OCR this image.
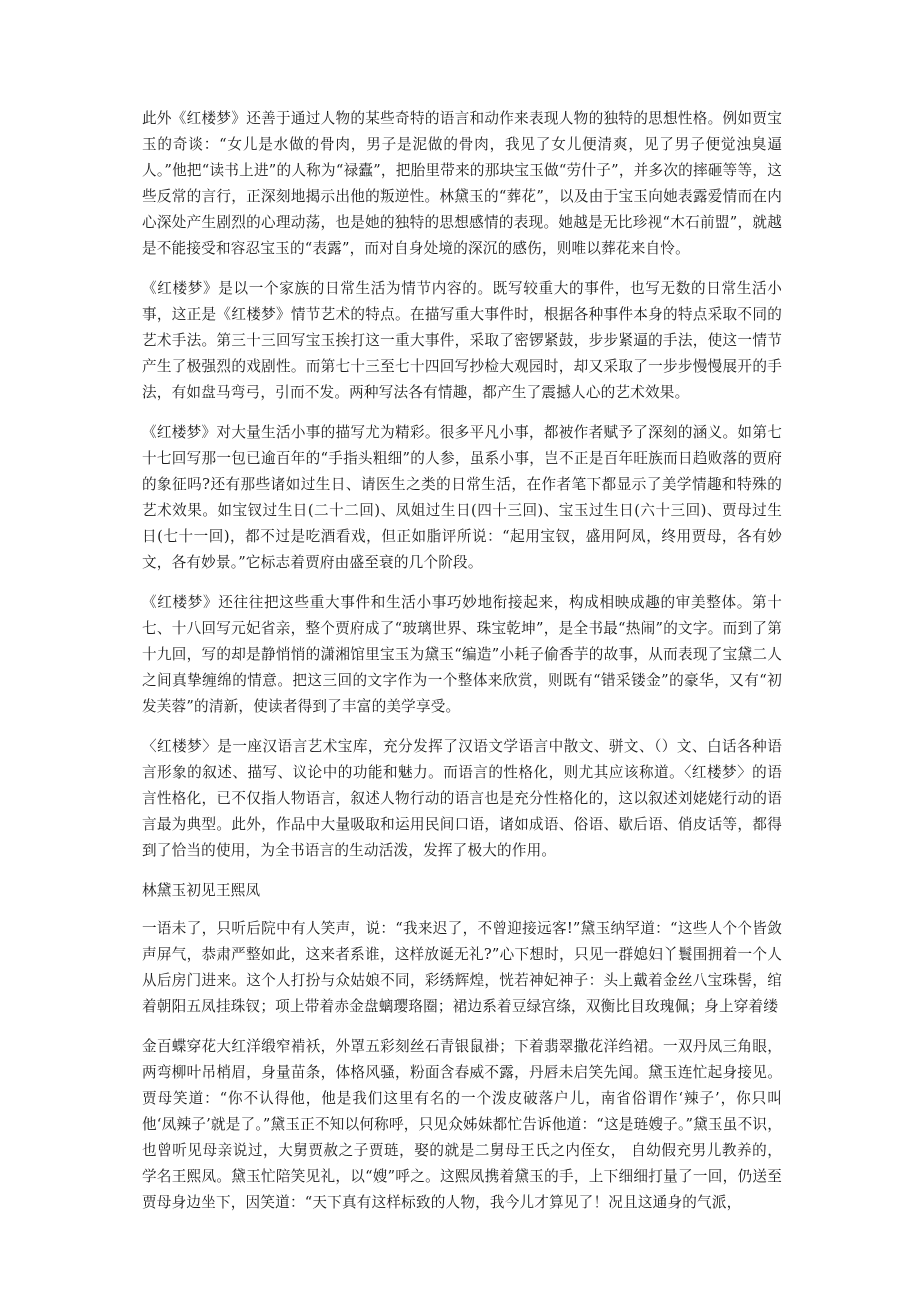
此外《红楼梦》还善于通过人物的某些奇特的语言和动作来表现人物的独特的思想性格。例如贾宝玉的奇谈：“女儿是水做的骨肉，男子是泥做的骨肉，我见了女儿便清爽，见了男子便觉浊臭逼人。”他把“读书上进”的人称为“禄蠹”，把胎里带来的那块宝玉做“劳什子”，并多次的摔砸等等，这些反常的言行，正深刻地揭示出他的叛逆性。林黛玉的“葬花”，以及由于宝玉向她表露爱情而在内心深处产生剧烈的心理动荡，也是她的独特的思想感情的表现。她越是无比珍视“木石前盟”，就越是不能接受和容忍宝玉的“表露”，而对自身处境的深沉的感伤，则唯以葬花来自怜。

《红楼梦》是以一个家族的日常生活为情节内容的。既写较重大的事件，也写无数的日常生活小事，这正是《红楼梦》情节艺术的特点。在描写重大事件时，根据各种事件本身的特点采取不同的艺术手法。第三十三回写宝玉挨打这一重大事件，采取了密锣紧鼓，步步紧逼的手法，使这一情节产生了极强烈的戏剧性。而第七十三至七十四回写抄检大观园时，却又采取了一步步慢慢展开的手法，有如盘马弯弓，引而不发。两种写法各有情趣，都产生了震撼人心的艺术效果。

《红楼梦》对大量生活小事的描写尤为精彩。很多平凡小事，都被作者赋予了深刻的涵义。如第七十七回写那一包已逾百年的“手指头粗细”的人参，虽系小事，岂不正是百年旺族而日趋败落的贾府的象征吗?还有那些诸如过生日、请医生之类的日常生活，在作者笔下都显示了美学情趣和特殊的艺术效果。如宝钗过生日(二十二回)、凤姐过生日(四十三回)、宝玉过生日(六十三回)、贾母过生日(七十一回)，都不过是吃酒看戏，但正如脂评所说：“起用宝钗，盛用阿凤，终用贾母，各有妙文，各有妙景。”它标志着贾府由盛至衰的几个阶段。

《红楼梦》还往往把这些重大事件和生活小事巧妙地衔接起来，构成相映成趣的审美整体。第十七、十八回写元妃省亲，整个贾府成了“玻璃世界、珠宝乾坤”，是全书最“热闹”的文字。而到了第十九回，写的却是静悄悄的潇湘馆里宝玉为黛玉“编造”小耗子偷香芋的故事，从而表现了宝黛二人之间真挚缠绵的情意。把这三回的文字作为一个整体来欣赏，则既有“错采镂金”的豪华，又有“初发芙蓉”的清新，使读者得到了丰富的美学享受。

〈红楼梦〉是一座汉语言艺术宝库，充分发挥了汉语文学语言中散文、骈文、（）文、白话各种语言形象的叙述、描写、议论中的功能和魅力。而语言的性格化，则尤其应该称道。〈红楼梦〉的语言性格化，已不仅指人物语言，叙述人物行动的语言也是充分性格化的，这以叙述刘姥姥行动的语言最为典型。此外，作品中大量吸取和运用民间口语，诸如成语、俗语、歇后语、俏皮话等，都得到了恰当的使用，为全书语言的生动活泼，发挥了极大的作用。

林黛玉初见王熙凤

一语未了，只听后院中有人笑声，说：“我来迟了，不曾迎接远客!”黛玉纳罕道：“这些人个个皆敛声屏气，恭肃严整如此，这来者系谁，这样放诞无礼?”心下想时，只见一群媳妇丫鬟围拥着一个人从后房门进来。这个人打扮与众姑娘不同，彩绣辉煌，恍若神妃神子：头上戴着金丝八宝珠髻，绾着朝阳五凤挂珠钗；项上带着赤金盘螭璎珞圈；裙边系着豆绿宫绦，双衡比目玫瑰佩；身上穿着缕

金百蝶穿花大红洋缎窄褃袄，外罩五彩刻丝石青银鼠褂；下着翡翠撒花洋绉裙。一双丹凤三角眼，两弯柳叶吊梢眉，身量苗条，体格风骚，粉面含春威不露，丹唇未启笑先闻。黛玉连忙起身接见。贾母笑道：“你不认得他，他是我们这里有名的一个泼皮破落户儿，南省俗谓作‘辣子’，你只叫他‘凤辣子’就是了。”黛玉正不知以何称呼，只见众姊妹都忙告诉他道：“这是琏嫂子。”黛玉虽不识，也曾听见母亲说过，大舅贾赦之子贾琏，娶的就是二舅母王氏之内侄女， 自幼假充男儿教养的，学名王熙凤。黛玉忙陪笑见礼，以“嫂”呼之。这熙凤携着黛玉的手，上下细细打量了一回，仍送至贾母身边坐下，因笑道：“天下真有这样标致的人物，我今儿才算见了！况且这通身的气派，
